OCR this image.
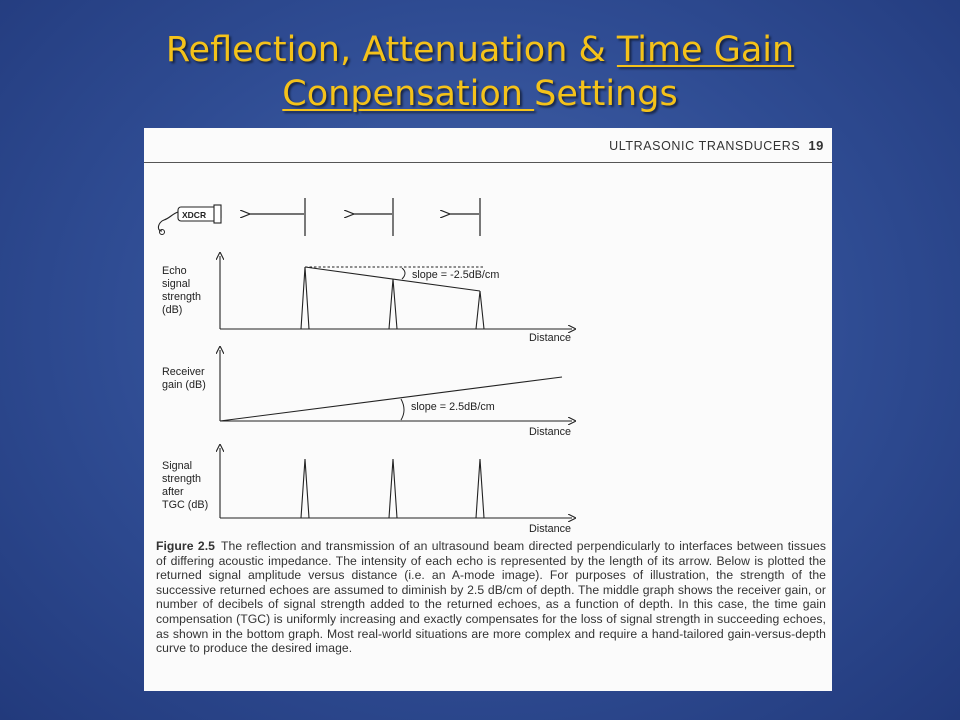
Reflection, Attenuation & Time Gain
Conpensation Settings
ULTRASONIC TRANSDUCERS 19
XDCR
Echo signal strength (dB)
Distance
slope = -2.5dB/cm
Receiver gain (dB)
Distance
slope = 2.5dB/cm
Signal strength after TGC (dB)
Distance
Figure 2.5 The reflection and transmission of an ultrasound beam directed perpendicularly to interfaces between tissues of differing acoustic impedance. The intensity of each echo is represented by the length of its arrow. Below is plotted the returned signal amplitude versus distance (i.e. an A-mode image). For purposes of illustration, the strength of the successive returned echoes are assumed to diminish by 2.5 dB/cm of depth. The middle graph shows the receiver gain, or number of decibels of signal strength added to the returned echoes, as a function of depth. In this case, the time gain compensation (TGC) is uniformly increasing and exactly compensates for the loss of signal strength in succeeding echoes, as shown in the bottom graph. Most real-world situations are more complex and require a hand-tailored gain-versus-depth curve to produce the desired image.
